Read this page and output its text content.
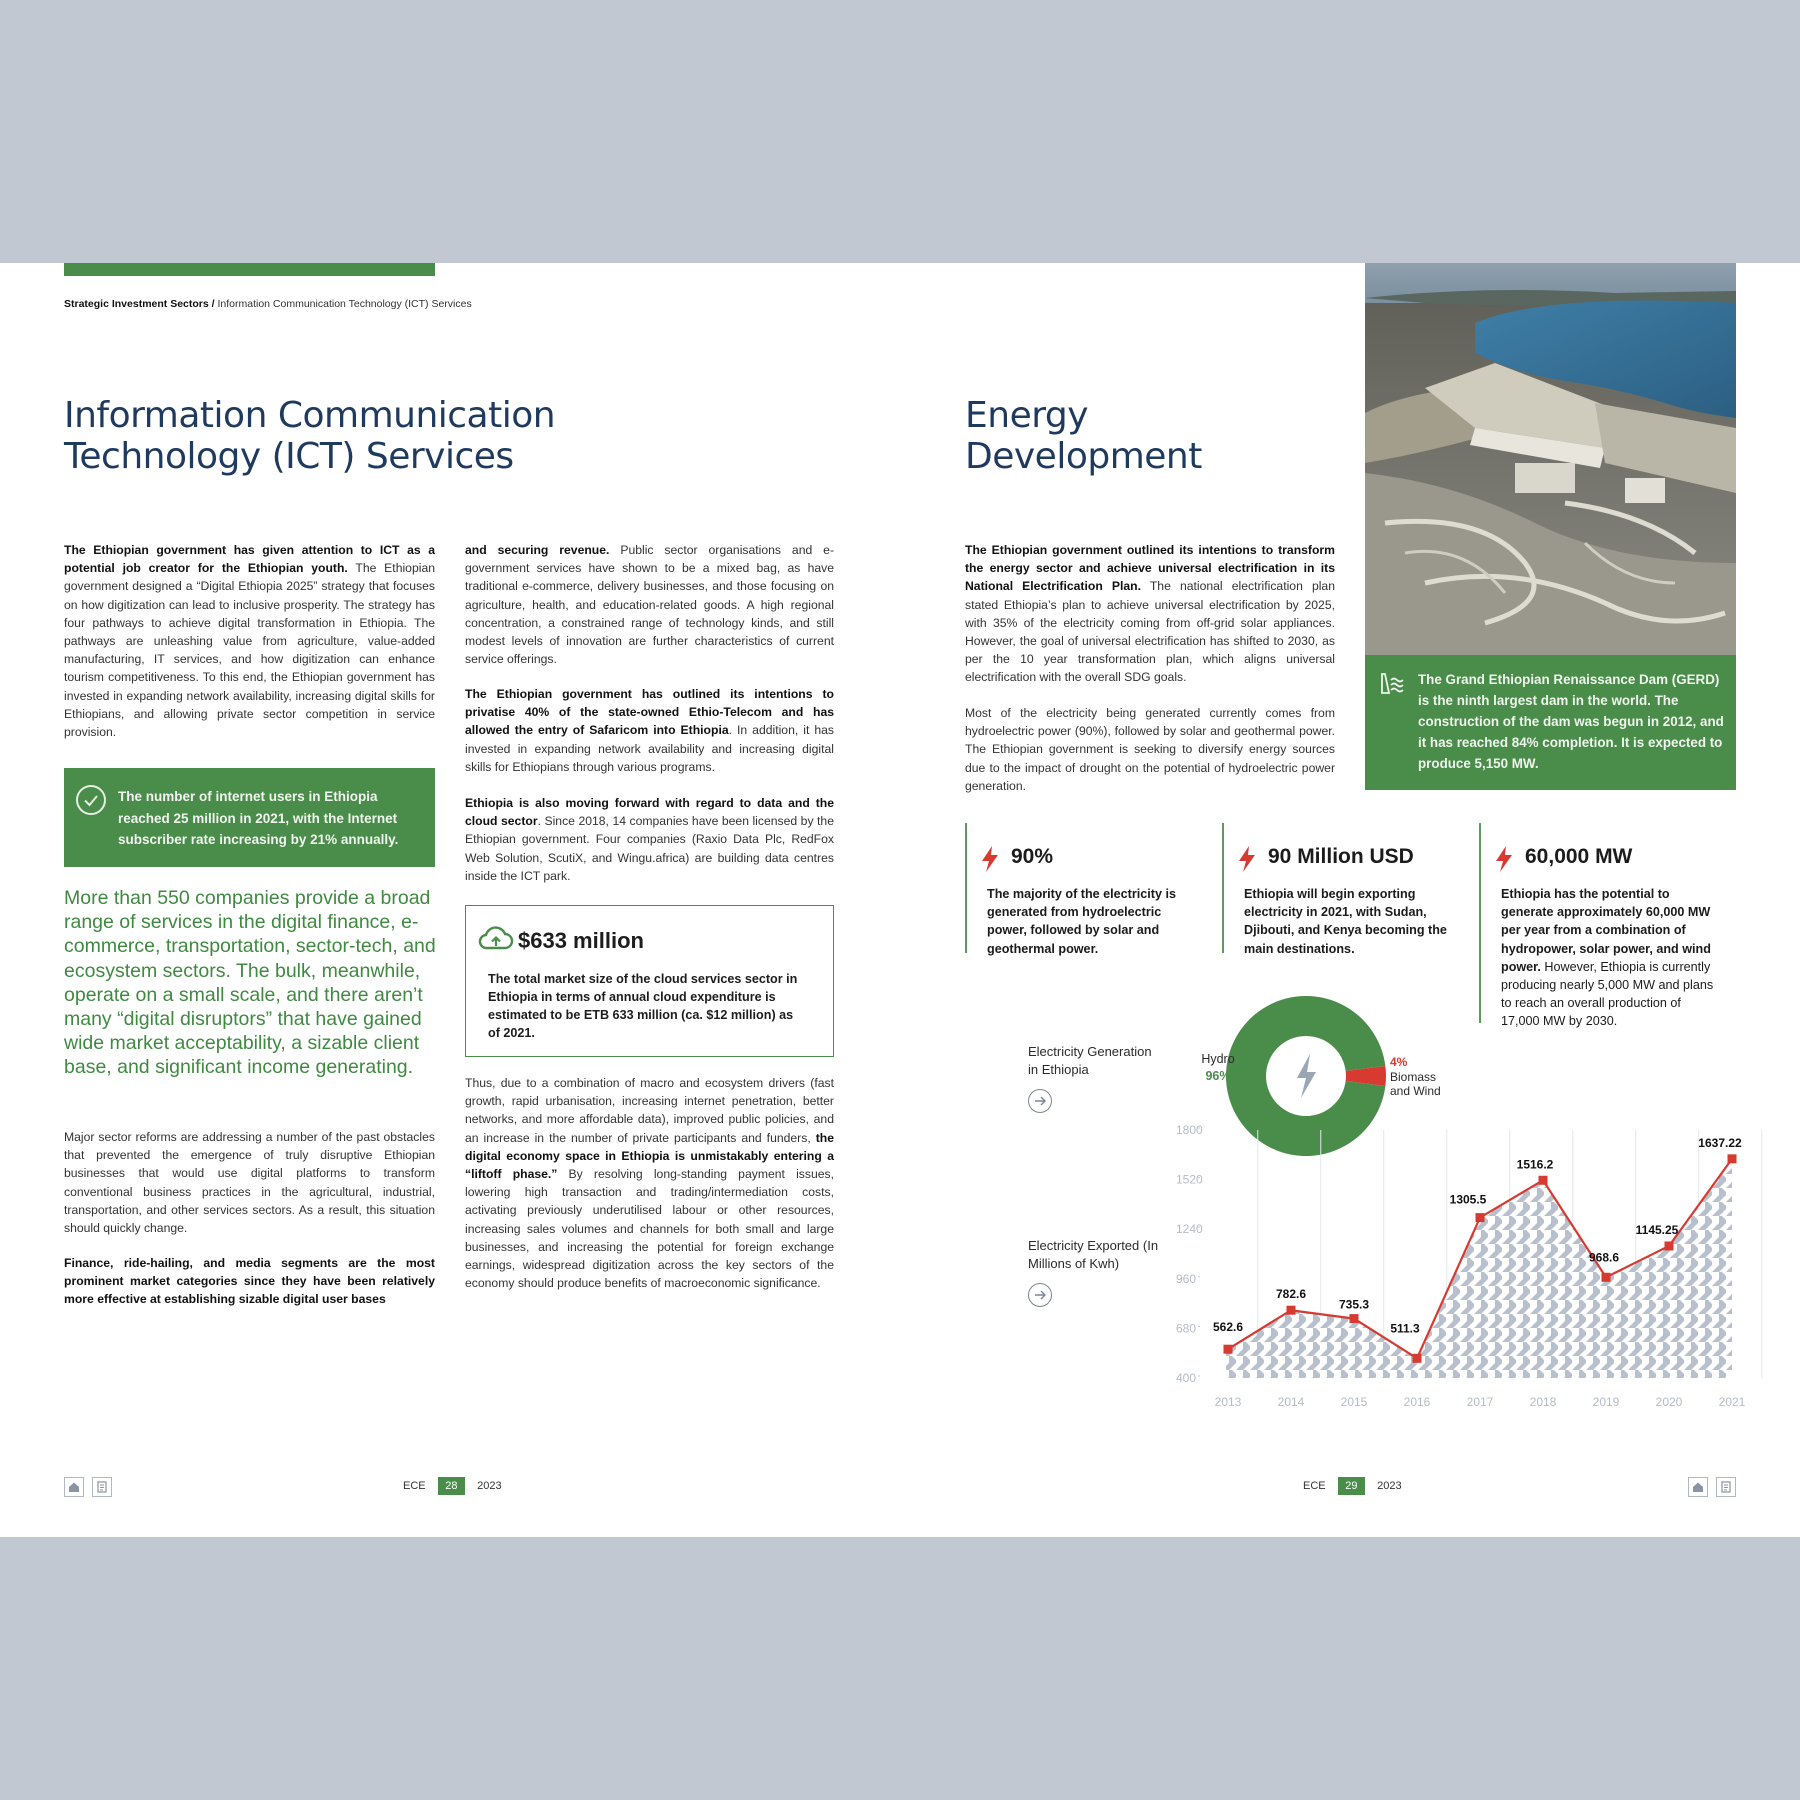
Strategic Investment Sectors / Information Communication Technology (ICT) Services
Information Communication
Technology (ICT) Services
The Ethiopian government has given attention to ICT as a potential job creator for the Ethiopian youth. The Ethiopian government designed a “Digital Ethiopia 2025” strategy that focuses on how digitization can lead to inclusive prosperity. The strategy has four pathways to achieve digital transformation in Ethiopia. The pathways are unleashing value from agriculture, value-added manufacturing, IT services, and how digitization can enhance tourism competitiveness. To this end, the Ethiopian government has invested in expanding network availability, increasing digital skills for Ethiopians, and allowing private sector competition in service provision.
The number of internet users in Ethiopia reached 25 million in 2021, with the Internet subscriber rate increasing by 21% annually.
More than 550 companies provide a broad range of services in the digital finance, e-commerce, transportation, sector-tech, and ecosystem sectors. The bulk, meanwhile, operate on a small scale, and there aren’t many “digital disruptors” that have gained wide market acceptability, a sizable client base, and significant income generating.
Major sector reforms are addressing a number of the past obstacles that prevented the emergence of truly disruptive Ethiopian businesses that would use digital platforms to transform conventional business practices in the agricultural, industrial, transportation, and other services sectors. As a result, this situation should quickly change.
Finance, ride-hailing, and media segments are the most prominent market categories since they have been relatively more effective at establishing sizable digital user bases
and securing revenue. Public sector organisations and e-government services have shown to be a mixed bag, as have traditional e-commerce, delivery businesses, and those focusing on agriculture, health, and education-related goods. A high regional concentration, a constrained range of technology kinds, and still modest levels of innovation are further characteristics of current service offerings.
The Ethiopian government has outlined its intentions to privatise 40% of the state-owned Ethio-Telecom and has allowed the entry of Safaricom into Ethiopia. In addition, it has invested in expanding network availability and increasing digital skills for Ethiopians through various programs.
Ethiopia is also moving forward with regard to data and the cloud sector. Since 2018, 14 companies have been licensed by the Ethiopian government. Four companies (Raxio Data Plc, RedFox Web Solution, ScutiX, and Wingu.africa) are building data centres inside the ICT park.
$633 million
The total market size of the cloud services sector in Ethiopia in terms of annual cloud expenditure is estimated to be ETB 633 million (ca. $12 million) as of 2021.
Thus, due to a combination of macro and ecosystem drivers (fast growth, rapid urbanisation, increasing internet penetration, better networks, and more affordable data), improved public policies, and an increase in the number of private participants and funders, the digital economy space in Ethiopia is unmistakably entering a “liftoff phase.” By resolving long-standing payment issues, lowering high transaction and trading/intermediation costs, activating previously underutilised labour or other resources, increasing sales volumes and channels for both small and large businesses, and increasing the potential for foreign exchange earnings, widespread digitization across the key sectors of the economy should produce benefits of macroeconomic significance.
ECE 28 2023
Energy
Development
The Grand Ethiopian Renaissance Dam (GERD) is the ninth largest dam in the world. The construction of the dam was begun in 2012, and it has reached 84% completion. It is expected to produce 5,150 MW.
The Ethiopian government outlined its intentions to transform the energy sector and achieve universal electrification in its National Electrification Plan. The national electrification plan stated Ethiopia’s plan to achieve universal electrification by 2025, with 35% of the electricity coming from off-grid solar appliances. However, the goal of universal electrification has shifted to 2030, as per the 10 year transformation plan, which aligns universal electrification with the overall SDG goals.
Most of the electricity being generated currently comes from hydroelectric power (90%), followed by solar and geothermal power. The Ethiopian government is seeking to diversify energy sources due to the impact of drought on the potential of hydroelectric power generation.
90%
The majority of the electricity is generated from hydroelectric power, followed by solar and geothermal power.
90 Million USD
Ethiopia will begin exporting electricity in 2021, with Sudan, Djibouti, and Kenya becoming the main destinations.
60,000 MW
Ethiopia has the potential to generate approximately 60,000 MW per year from a combination of hydropower, solar power, and wind power. However, Ethiopia is currently producing nearly 5,000 MW and plans to reach an overall production of 17,000 MW by 2030.
Electricity Generation in Ethiopia
Electricity Exported (In Millions of Kwh)
Hydro
96%
4%
Biomass and Wind
400
680
960
1240
1520
1800
2013	2014	2015	2016	2017	2018	2019	2020	2021
562.6
782.6
735.3
511.3
1305.5
1516.2
968.6
1145.25
1637.22
ECE 29 2023
